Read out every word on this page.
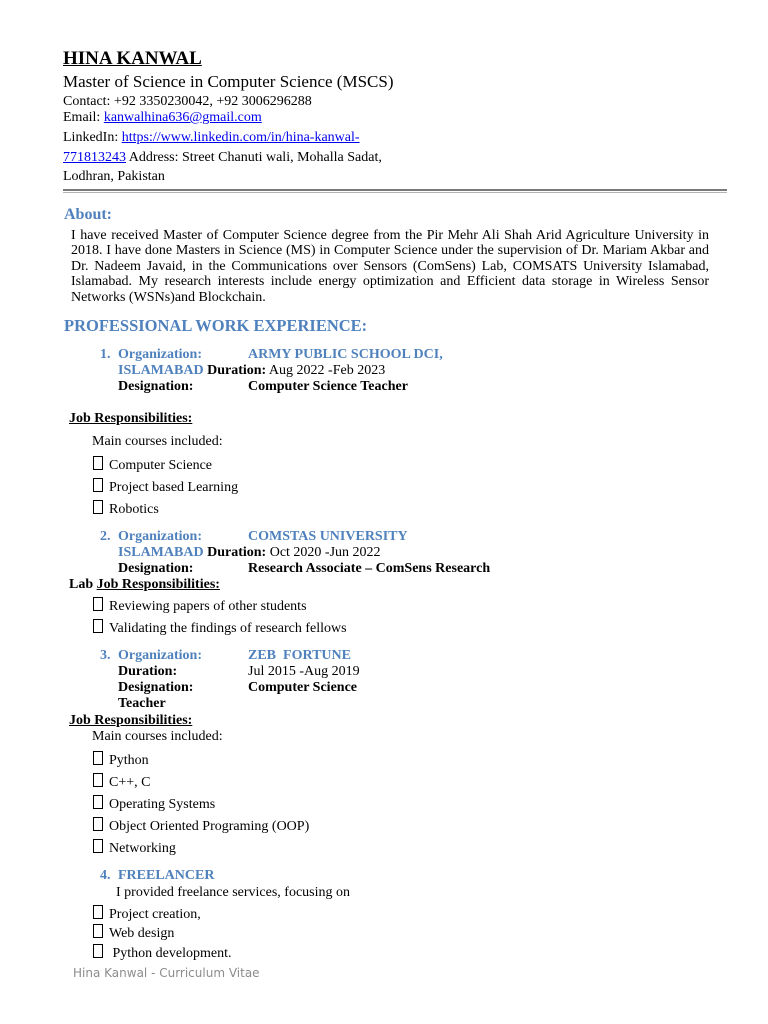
HINA KANWAL
Master of Science in Computer Science (MSCS)
Contact: +92 3350230042, +92 3006296288
Email: kanwalhina636@gmail.com
LinkedIn: https://www.linkedin.com/in/hina-kanwal-
771813243 Address: Street Chanuti wali, Mohalla Sadat,
Lodhran, Pakistan
About:
I have received Master of Computer Science degree from the Pir Mehr Ali Shah Arid Agriculture University in 2018. I have done Masters in Science (MS) in Computer Science under the supervision of Dr. Mariam Akbar and Dr. Nadeem Javaid, in the Communications over Sensors (ComSens) Lab, COMSATS University Islamabad, Islamabad. My research interests include energy optimization and Efficient data storage in Wireless Sensor Networks (WSNs)and Blockchain.
PROFESSIONAL WORK EXPERIENCE:
1. Organization:	ARMY PUBLIC SCHOOL DCI,
ISLAMABAD Duration: Aug 2022 -Feb 2023
Designation:	Computer Science Teacher
Job Responsibilities:
Main courses included:
Computer Science
Project based Learning
Robotics
2. Organization:	COMSTAS UNIVERSITY
ISLAMABAD Duration: Oct 2020 -Jun 2022
Designation:	Research Associate – ComSens Research
Lab Job Responsibilities:
Reviewing papers of other students
Validating the findings of research fellows
3. Organization:	ZEB  FORTUNE
Duration:	Jul 2015 -Aug 2019
Designation:	Computer Science
Teacher
Job Responsibilities:
Main courses included:
Python
C++, C
Operating Systems
Object Oriented Programing (OOP)
Networking
4. FREELANCER
I provided freelance services, focusing on
Project creation,
Web design
Python development.
Hina Kanwal - Curriculum Vitae
